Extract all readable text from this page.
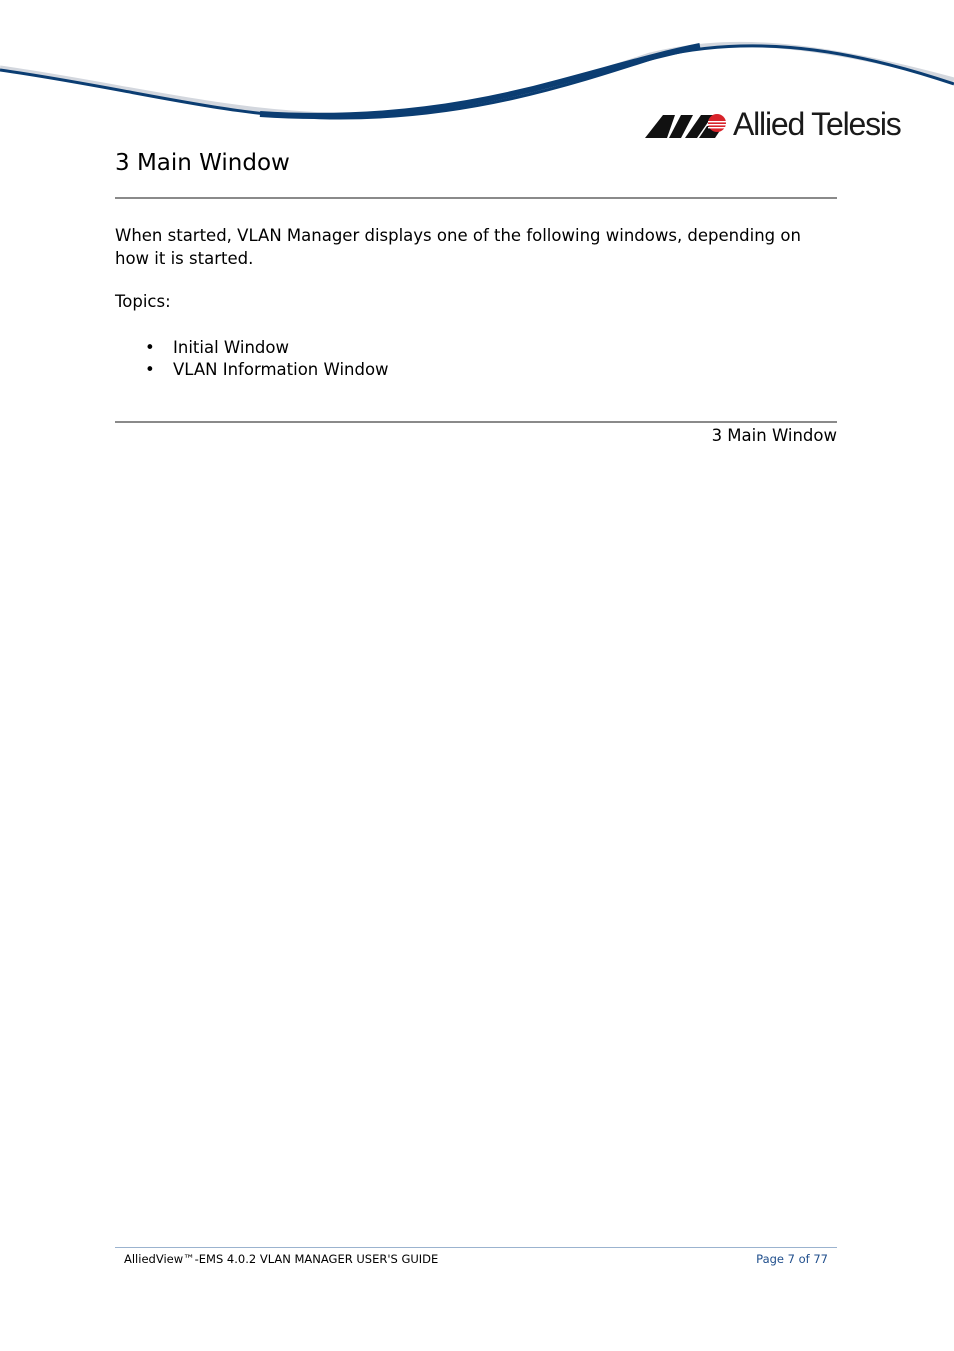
Allied Telesis
3 Main Window

When started, VLAN Manager displays one of the following windows, depending on how it is started.

Topics:

• Initial Window
• VLAN Information Window
3 Main Window
AlliedView™-EMS 4.0.2 VLAN MANAGER USER'S GUIDE	Page 7 of 77
